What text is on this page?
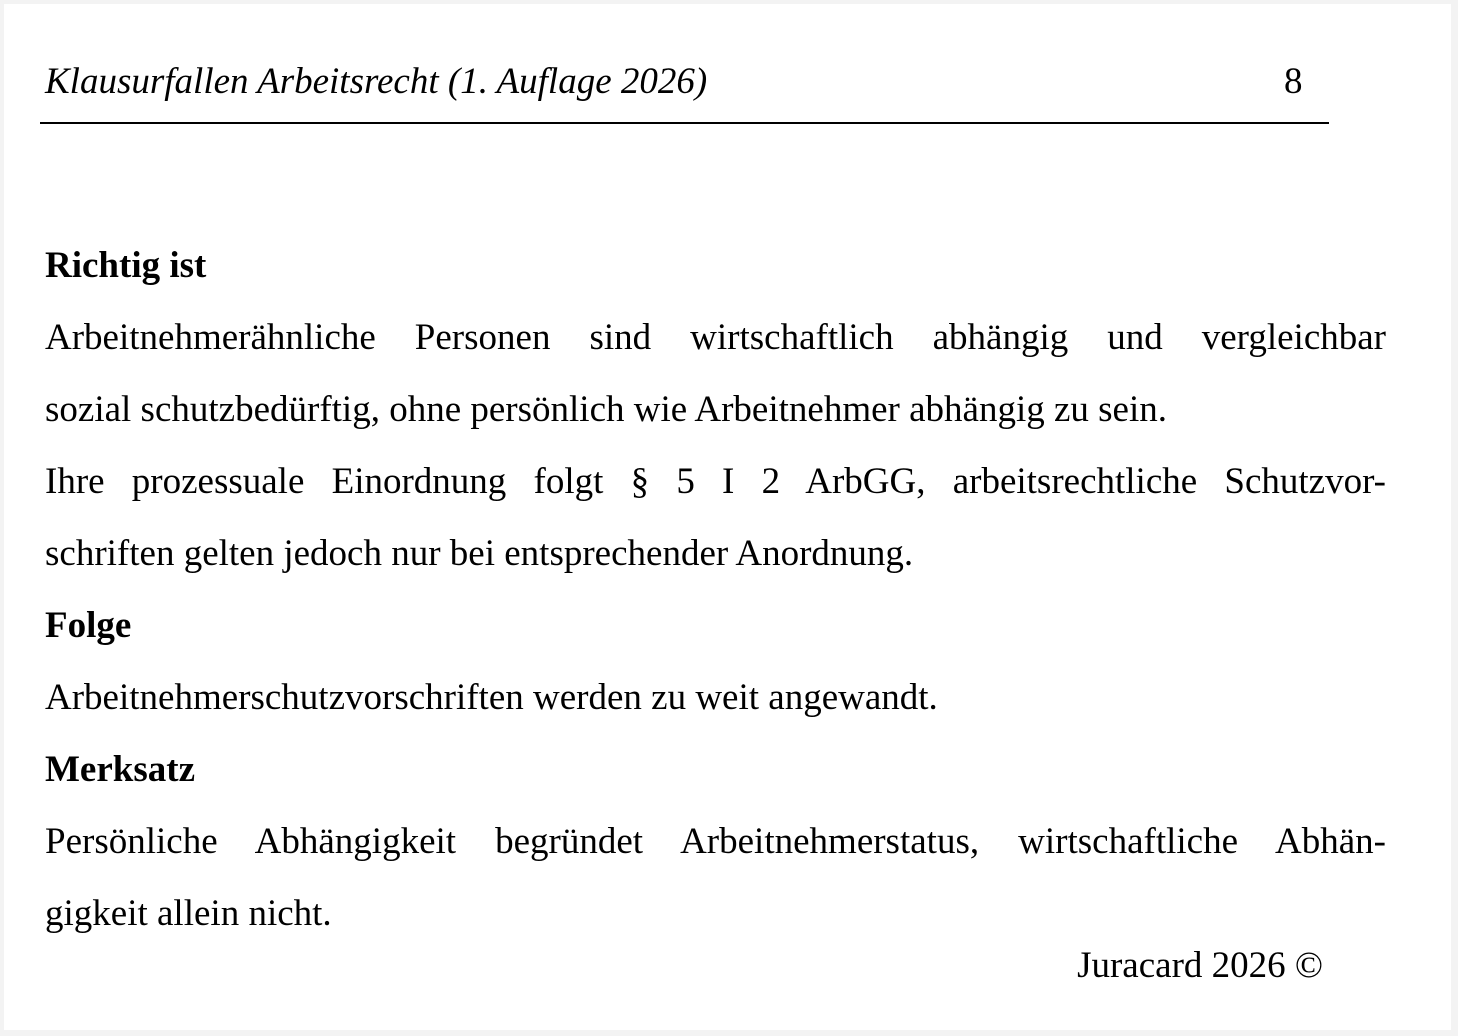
Klausurfallen Arbeitsrecht (1. Auflage 2026)	8

Richtig ist

Arbeitnehmerähnliche Personen sind wirtschaftlich abhängig und vergleichbar

sozial schutzbedürftig, ohne persönlich wie Arbeitnehmer abhängig zu sein.

Ihre prozessuale Einordnung folgt § 5 I 2 ArbGG, arbeitsrechtliche Schutzvor-

schriften gelten jedoch nur bei entsprechender Anordnung.

Folge

Arbeitnehmerschutzvorschriften werden zu weit angewandt.

Merksatz

Persönliche Abhängigkeit begründet Arbeitnehmerstatus, wirtschaftliche Abhän-

gigkeit allein nicht.

Juracard 2026 ©
